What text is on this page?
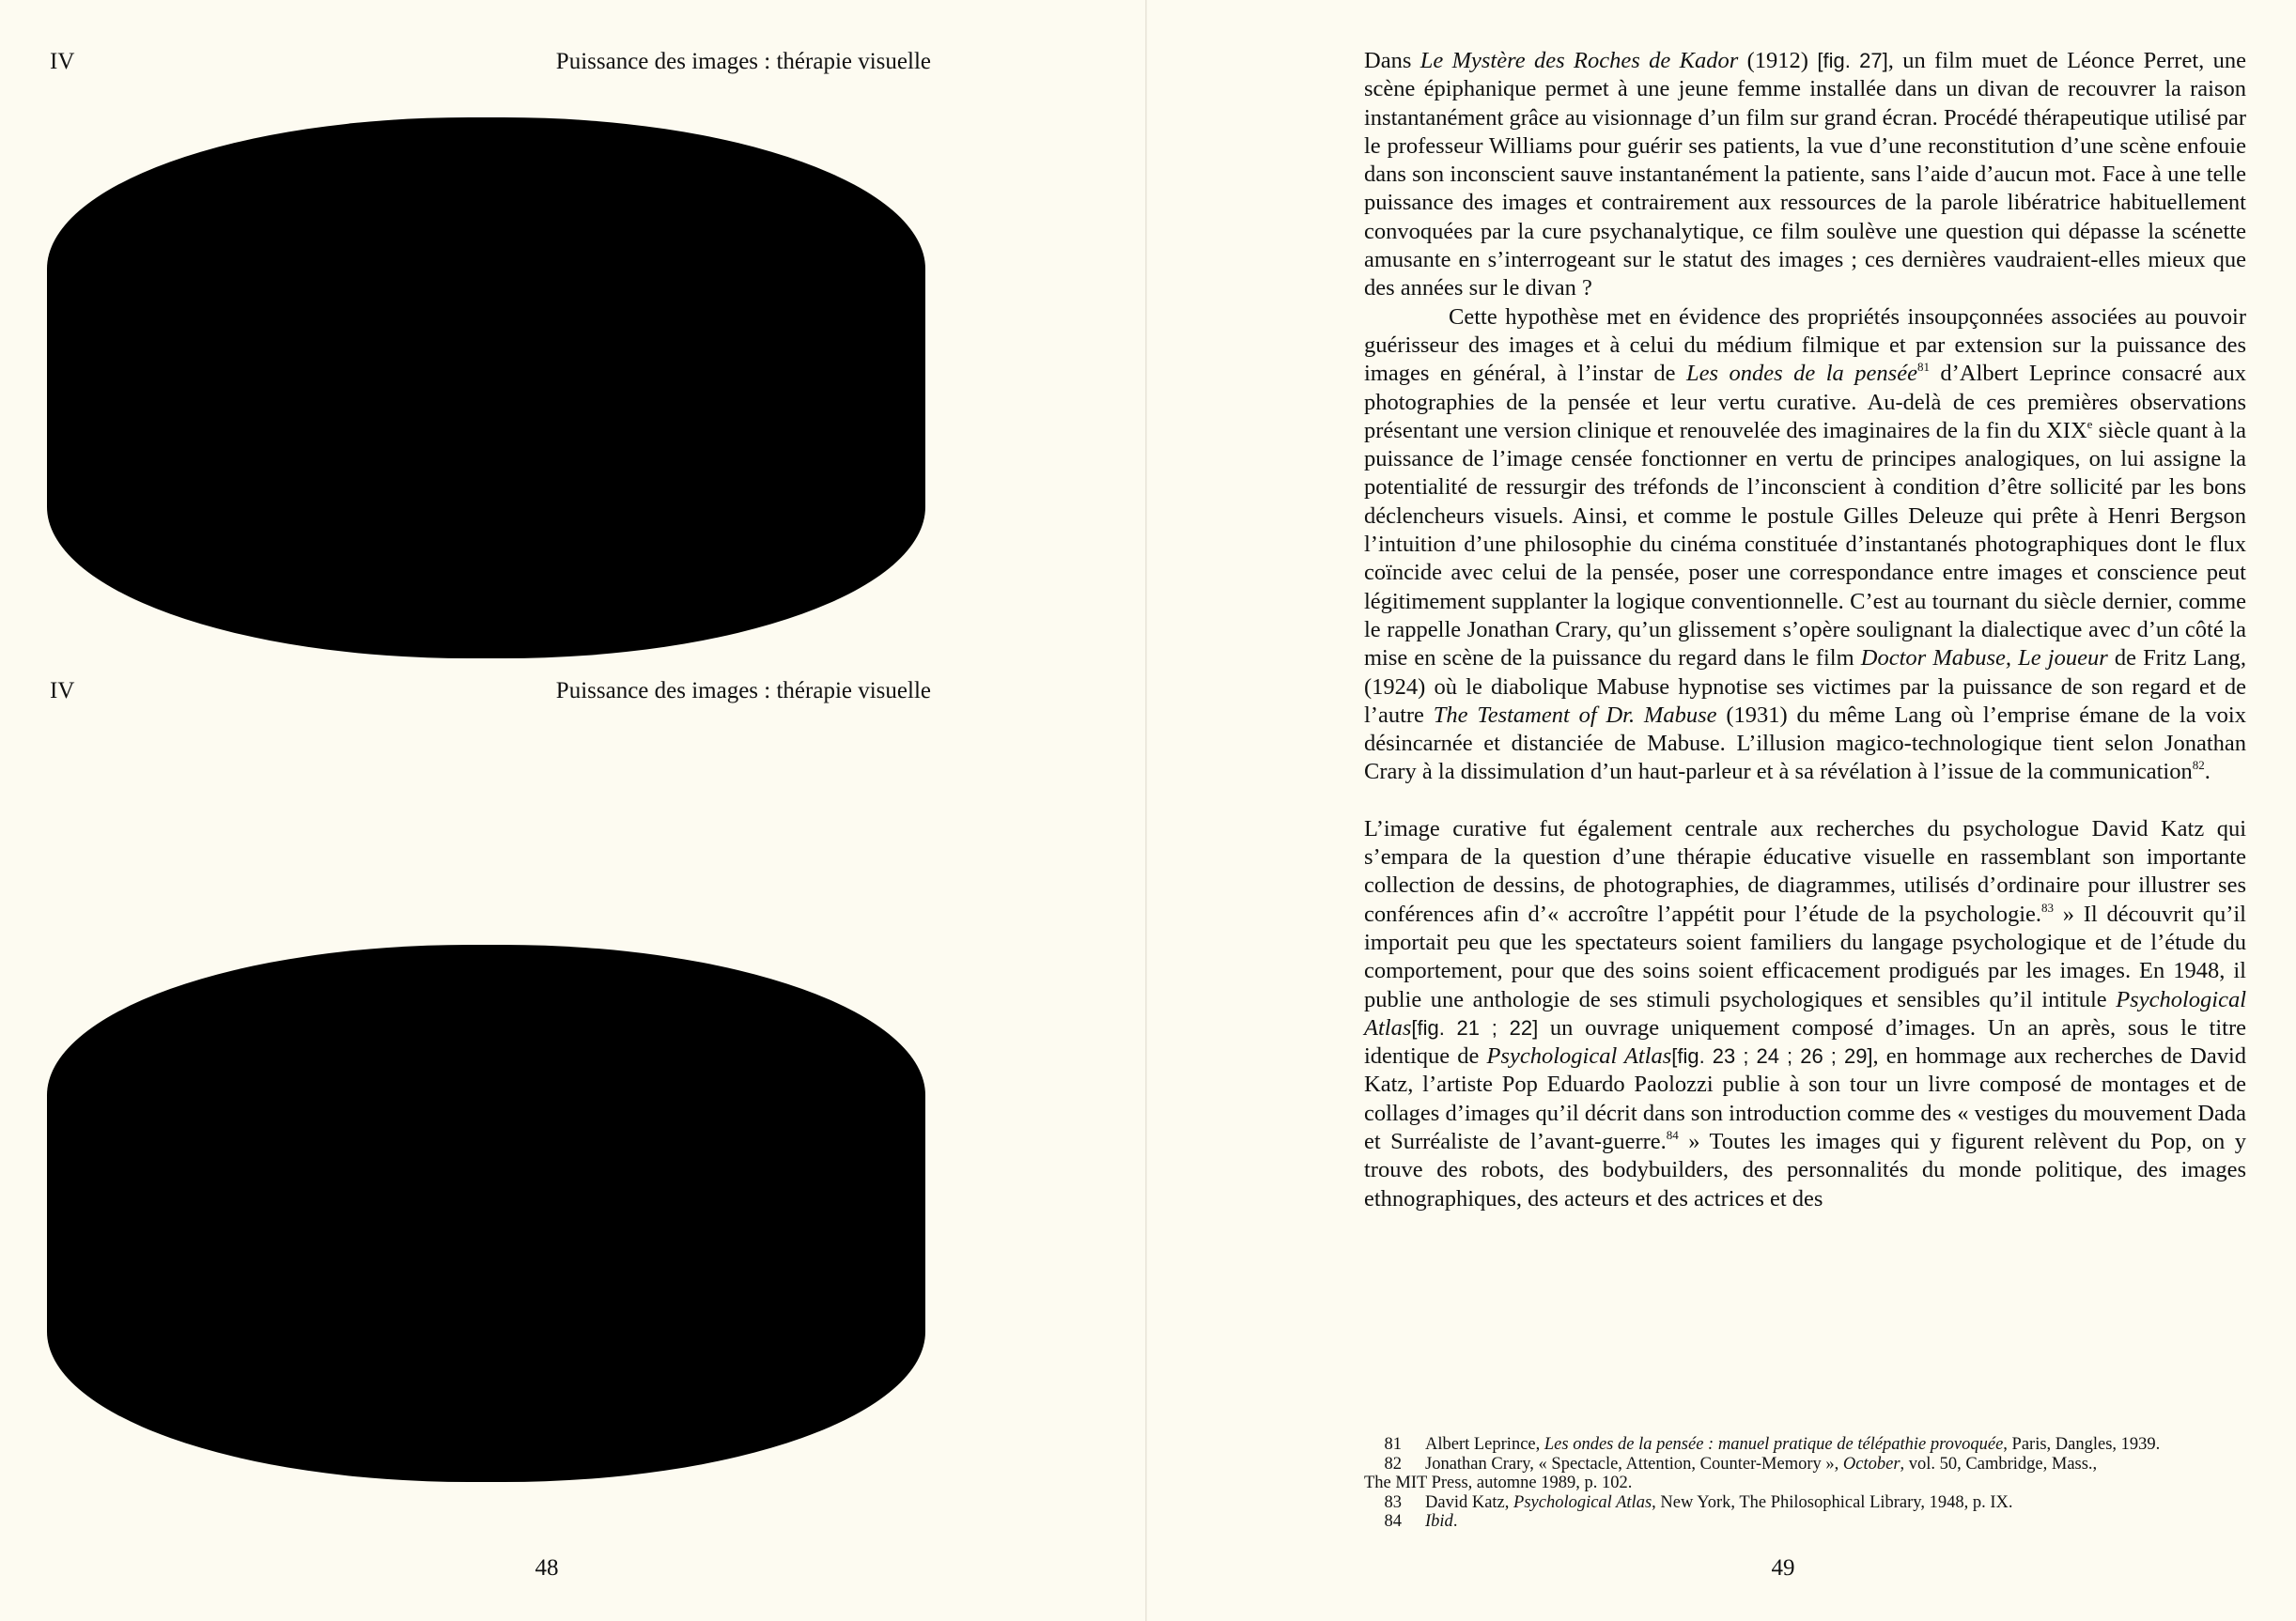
IV	Puissance des images : thérapie visuelle
IV	Puissance des images : thérapie visuelle
48

Dans Le Mystère des Roches de Kador (1912) [fig. 27], un film muet de Léonce Perret, une scène épiphanique permet à une jeune femme installée dans un divan de recouvrer la raison instantanément grâce au visionnage d’un film sur grand écran. Procédé thérapeutique utilisé par le professeur Williams pour guérir ses patients, la vue d’une reconstitution d’une scène enfouie dans son inconscient sauve instantanément la patiente, sans l’aide d’aucun mot. Face à une telle puissance des images et contrairement aux ressources de la parole libératrice habituellement convoquées par la cure psychanalytique, ce film soulève une question qui dépasse la scénette amusante en s’interrogeant sur le statut des images ; ces dernières vaudraient-elles mieux que des années sur le divan ?

Cette hypothèse met en évidence des propriétés insoupçonnées associées au pouvoir guérisseur des images et à celui du médium filmique et par extension sur la puissance des images en général, à l’instar de Les ondes de la pensée$^{81}$ d’Albert Leprince consacré aux photographies de la pensée et leur vertu curative. Au-delà de ces premières observations présentant une version clinique et renouvelée des imaginaires de la fin du XIXe siècle quant à la puissance de l’image censée fonctionner en vertu de principes analogiques, on lui assigne la potentialité de ressurgir des tréfonds de l’inconscient à condition d’être sollicité par les bons déclencheurs visuels. Ainsi, et comme le postule Gilles Deleuze qui prête à Henri Bergson l’intuition d’une philosophie du cinéma constituée d’instantanés photographiques dont le flux coïncide avec celui de la pensée, poser une correspondance entre images et conscience peut légitimement supplanter la logique conventionnelle. C’est au tournant du siècle dernier, comme le rappelle Jonathan Crary, qu’un glissement s’opère soulignant la dialectique avec d’un côté la mise en scène de la puissance du regard dans le film Doctor Mabuse, Le joueur de Fritz Lang, (1924) où le diabolique Mabuse hypnotise ses victimes par la puissance de son regard et de l’autre The Testament of Dr. Mabuse (1931) du même Lang où l’emprise émane de la voix désincarnée et distanciée de Mabuse. L’illusion magico-technologique tient selon Jonathan Crary à la dissimulation d’un haut-parleur et à sa révélation à l’issue de la communication$^{82}$.

L’image curative fut également centrale aux recherches du psychologue David Katz qui s’empara de la question d’une thérapie éducative visuelle en rassemblant son importante collection de dessins, de photographies, de diagrammes, utilisés d’ordinaire pour illustrer ses conférences afin d’« accroître l’appétit pour l’étude de la psychologie.$^{83}$ » Il découvrit qu’il importait peu que les spectateurs soient familiers du langage psychologique et de l’étude du comportement, pour que des soins soient efficacement prodigués par les images. En 1948, il publie une anthologie de ses stimuli psychologiques et sensibles qu’il intitule Psychological Atlas[fig. 21 ; 22] un ouvrage uniquement composé d’images. Un an après, sous le titre identique de Psychological Atlas[fig. 23 ; 24 ; 26 ; 29], en hommage aux recherches de David Katz, l’artiste Pop Eduardo Paolozzi publie à son tour un livre composé de montages et de collages d’images qu’il décrit dans son introduction comme des « vestiges du mouvement Dada et Surréaliste de l’avant-guerre.$^{84}$ » Toutes les images qui y figurent relèvent du Pop, on y trouve des robots, des bodybuilders, des personnalités du monde politique, des images ethnographiques, des acteurs et des actrices et des

81 Albert Leprince, Les ondes de la pensée : manuel pratique de télépathie provoquée, Paris, Dangles, 1939.

82 Jonathan Crary, « Spectacle, Attention, Counter-Memory », October, vol. 50, Cambridge, Mass.,

The MIT Press, automne 1989, p. 102.

83 David Katz, Psychological Atlas, New York, The Philosophical Library, 1948, p. IX.

84 Ibid.

49
